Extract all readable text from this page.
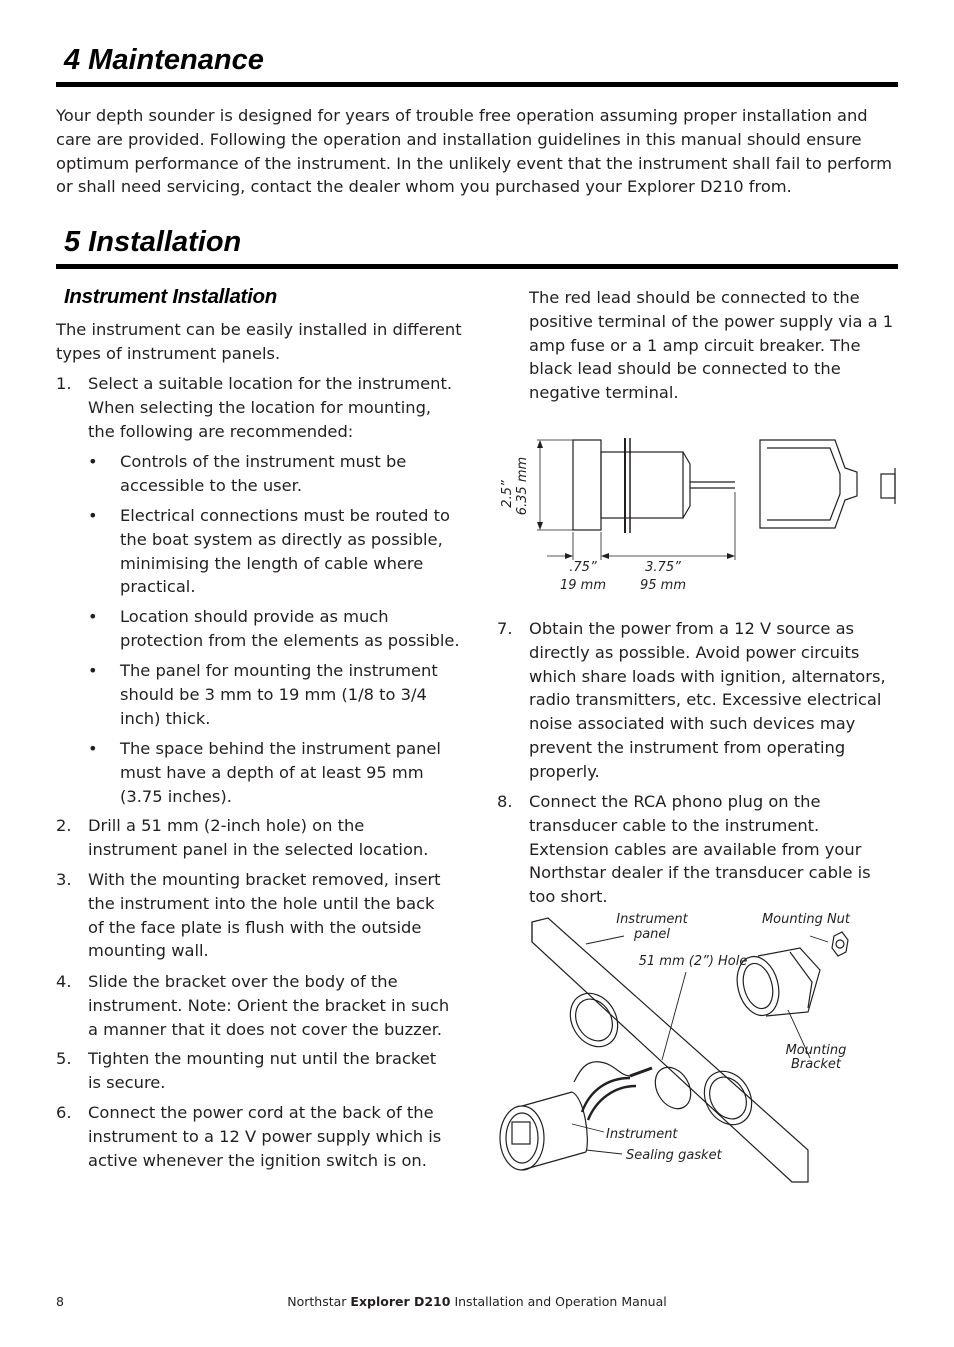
4 Maintenance

Your depth sounder is designed for years of trouble free operation assuming proper installation and care are provided. Following the operation and installation guidelines in this manual should ensure optimum performance of the instrument. In the unlikely event that the instrument shall fail to perform or shall need servicing, contact the dealer whom you purchased your Explorer D210 from.

5 Installation
Instrument Installation

The instrument can be easily installed in different types of instrument panels.

1. Select a suitable location for the instrument. When selecting the location for mounting, the following are recommended:
• Controls of the instrument must be accessible to the user.
• Electrical connections must be routed to the boat system as directly as possible, minimising the length of cable where practical.
• Location should provide as much protection from the elements as possible.
• The panel for mounting the instrument should be 3 mm to 19 mm (1/8 to 3/4 inch) thick.
• The space behind the instrument panel must have a depth of at least 95 mm (3.75 inches).
2. Drill a 51 mm (2-inch hole) on the instrument panel in the selected location.
3. With the mounting bracket removed, insert the instrument into the hole until the back of the face plate is flush with the outside mounting wall.
4. Slide the bracket over the body of the instrument. Note: Orient the bracket in such a manner that it does not cover the buzzer.
5. Tighten the mounting nut until the bracket is secure.
6. Connect the power cord at the back of the instrument to a 12 V power supply which is active whenever the ignition switch is on.

The red lead should be connected to the positive terminal of the power supply via a 1 amp fuse or a 1 amp circuit breaker. The black lead should be connected to the negative terminal.

2.5” 6.35 mm
.75”
19 mm
3.75”
95 mm
7. Obtain the power from a 12 V source as directly as possible. Avoid power circuits which share loads with ignition, alternators, radio transmitters, etc. Excessive electrical noise associated with such devices may prevent the instrument from operating properly.
8. Connect the RCA phono plug on the transducer cable to the instrument. Extension cables are available from your Northstar dealer if the transducer cable is too short.
Instrument
panel
Mounting Nut
51 mm (2”) Hole
Mounting
Bracket
Instrument
Sealing gasket
8	Northstar Explorer D210 Installation and Operation Manual
